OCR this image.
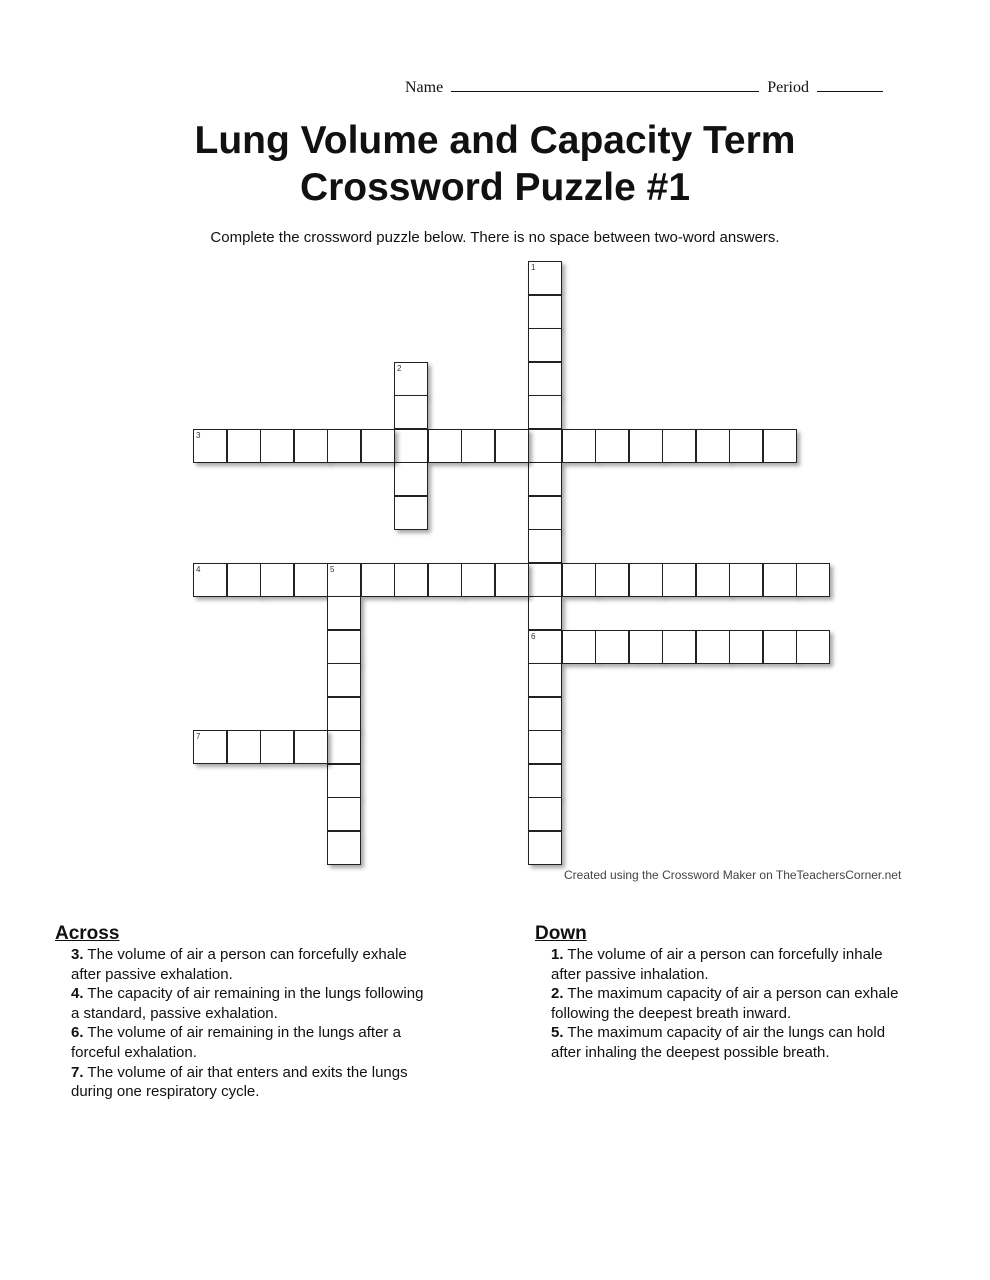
Name	Period
Lung Volume and Capacity Term
Crossword Puzzle #1
Complete the crossword puzzle below. There is no space between two-word answers.
1
6
2
3
4	5
7
Created using the Crossword Maker on TheTeachersCorner.net
Across
3. The volume of air a person can forcefully exhale after passive exhalation.
4. The capacity of air remaining in the lungs following a standard, passive exhalation.
6. The volume of air remaining in the lungs after a forceful exhalation.
7. The volume of air that enters and exits the lungs during one respiratory cycle.
Down
1. The volume of air a person can forcefully inhale after passive inhalation.
2. The maximum capacity of air a person can exhale following the deepest breath inward.
5. The maximum capacity of air the lungs can hold after inhaling the deepest possible breath.
